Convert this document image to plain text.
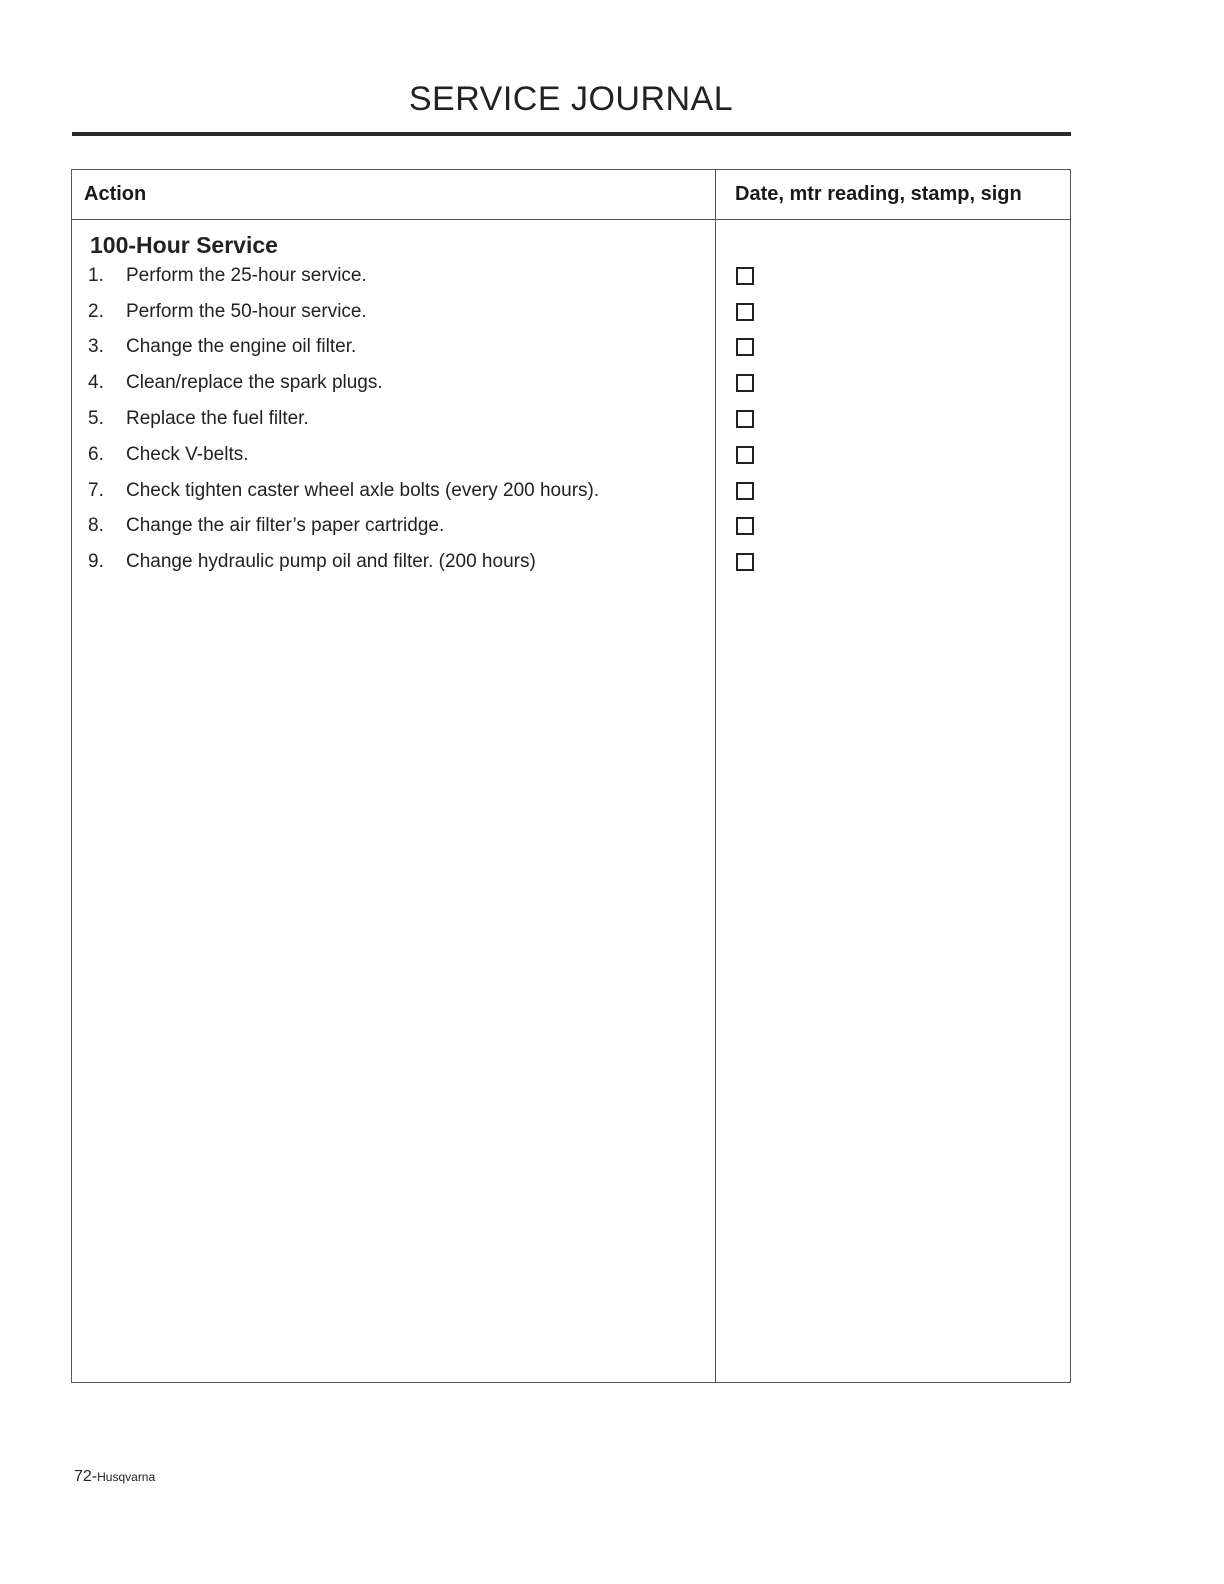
SERVICE JOURNAL
Action	Date, mtr reading, stamp, sign
100-Hour Service
1.	Perform the 25-hour service.
2.	Perform the 50-hour service.
3.	Change the engine oil filter.
4.	Clean/replace the spark plugs.
5.	Replace the fuel filter.
6.	Check V-belts.
7.	Check tighten caster wheel axle bolts (every 200 hours).
8.	Change the air filter’s paper cartridge.
9.	Change hydraulic pump oil and filter. (200 hours)
72-Husqvarna
